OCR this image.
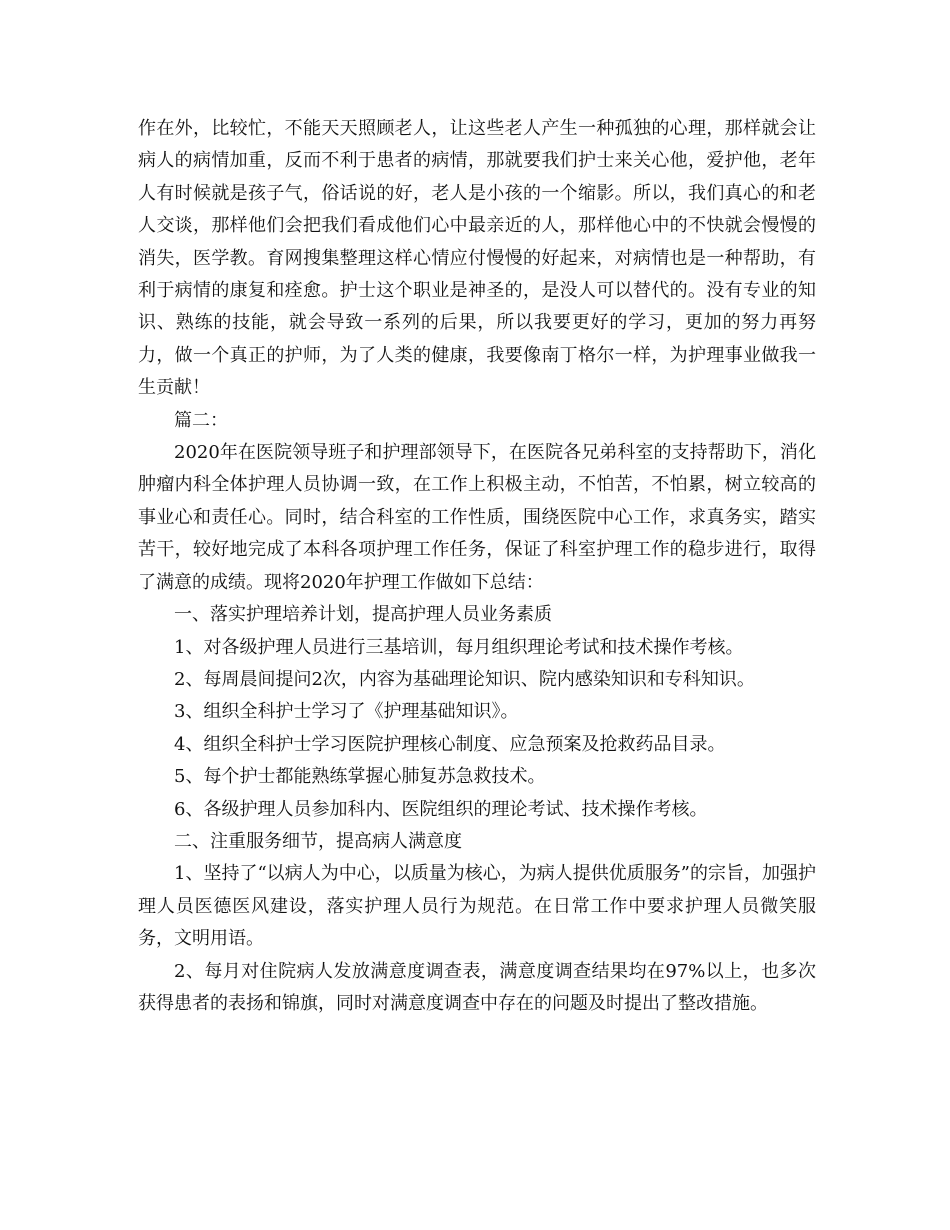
作在外，比较忙，不能天天照顾老人，让这些老人产生一种孤独的心理，那样就会让病人的病情加重，反而不利于患者的病情，那就要我们护士来关心他，爱护他，老年人有时候就是孩子气，俗话说的好，老人是小孩的一个缩影。所以，我们真心的和老人交谈，那样他们会把我们看成他们心中最亲近的人，那样他心中的不快就会慢慢的消失，医学教。育网搜集整理这样心情应付慢慢的好起来，对病情也是一种帮助，有利于病情的康复和痊愈。护士这个职业是神圣的，是没人可以替代的。没有专业的知识、熟练的技能，就会导致一系列的后果，所以我要更好的学习，更加的努力再努力，做一个真正的护师，为了人类的健康，我要像南丁格尔一样，为护理事业做我一生贡献！

篇二：

2020年在医院领导班子和护理部领导下，在医院各兄弟科室的支持帮助下，消化肿瘤内科全体护理人员协调一致，在工作上积极主动，不怕苦，不怕累，树立较高的事业心和责任心。同时，结合科室的工作性质，围绕医院中心工作，求真务实，踏实苦干，较好地完成了本科各项护理工作任务，保证了科室护理工作的稳步进行，取得了满意的成绩。现将2020年护理工作做如下总结：

一、落实护理培养计划，提高护理人员业务素质

1、对各级护理人员进行三基培训，每月组织理论考试和技术操作考核。

2、每周晨间提问2次，内容为基础理论知识、院内感染知识和专科知识。

3、组织全科护士学习了《护理基础知识》。

4、组织全科护士学习医院护理核心制度、应急预案及抢救药品目录。

5、每个护士都能熟练掌握心肺复苏急救技术。

6、各级护理人员参加科内、医院组织的理论考试、技术操作考核。

二、注重服务细节，提高病人满意度

1、坚持了“以病人为中心，以质量为核心，为病人提供优质服务”的宗旨，加强护理人员医德医风建设，落实护理人员行为规范。在日常工作中要求护理人员微笑服务，文明用语。

2、每月对住院病人发放满意度调查表，满意度调查结果均在97%以上，也多次获得患者的表扬和锦旗，同时对满意度调查中存在的问题及时提出了整改措施。
